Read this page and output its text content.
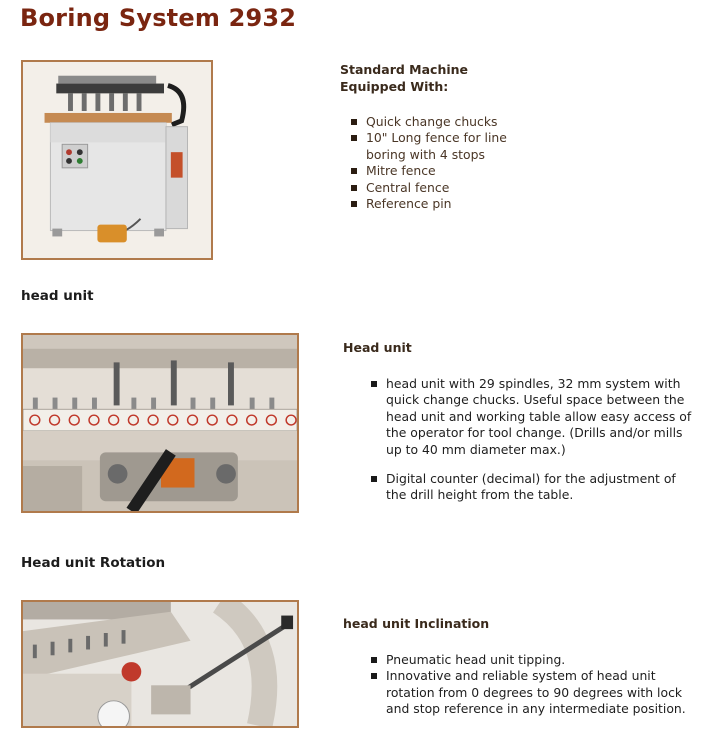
Boring System 2932
Standard Machine
Equipped With:
Quick change chucks
10" Long fence for line
boring with 4 stops
Mitre fence
Central fence
Reference pin
head unit
Head unit
head unit with 29 spindles, 32 mm system with quick change chucks. Useful space between the head unit and working table allow easy access of the operator for tool change. (Drills and/or mills up to 40 mm diameter max.)
Digital counter (decimal) for the adjustment of the drill height from the table.
Head unit Rotation
head unit Inclination
Pneumatic head unit tipping.
Innovative and reliable system of head unit rotation from 0 degrees to 90 degrees with lock and stop reference in any intermediate position.
